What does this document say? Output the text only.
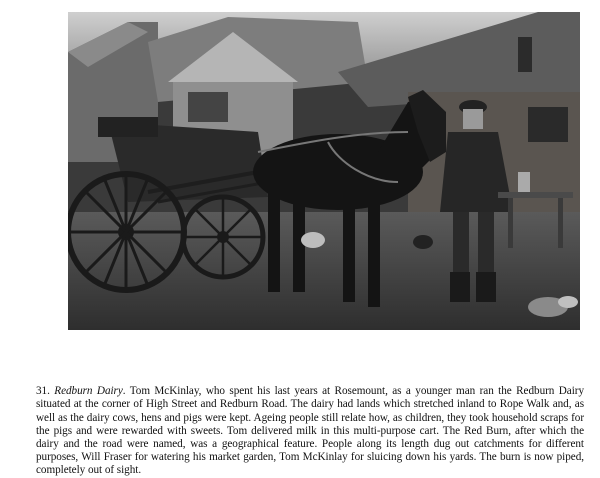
31. Redburn Dairy. Tom McKinlay, who spent his last years at Rosemount, as a younger man ran the Redburn Dairy situated at the corner of High Street and Redburn Road. The dairy had lands which stretched inland to Rope Walk and, as well as the dairy cows, hens and pigs were kept. Ageing people still relate how, as children, they took household scraps for the pigs and were rewarded with sweets. Tom delivered milk in this multi-purpose cart. The Red Burn, after which the dairy and the road were named, was a geographical feature. People along its length dug out catchments for different purposes, Will Fraser for watering his market garden, Tom McKinlay for sluicing down his yards. The burn is now piped, completely out of sight.
